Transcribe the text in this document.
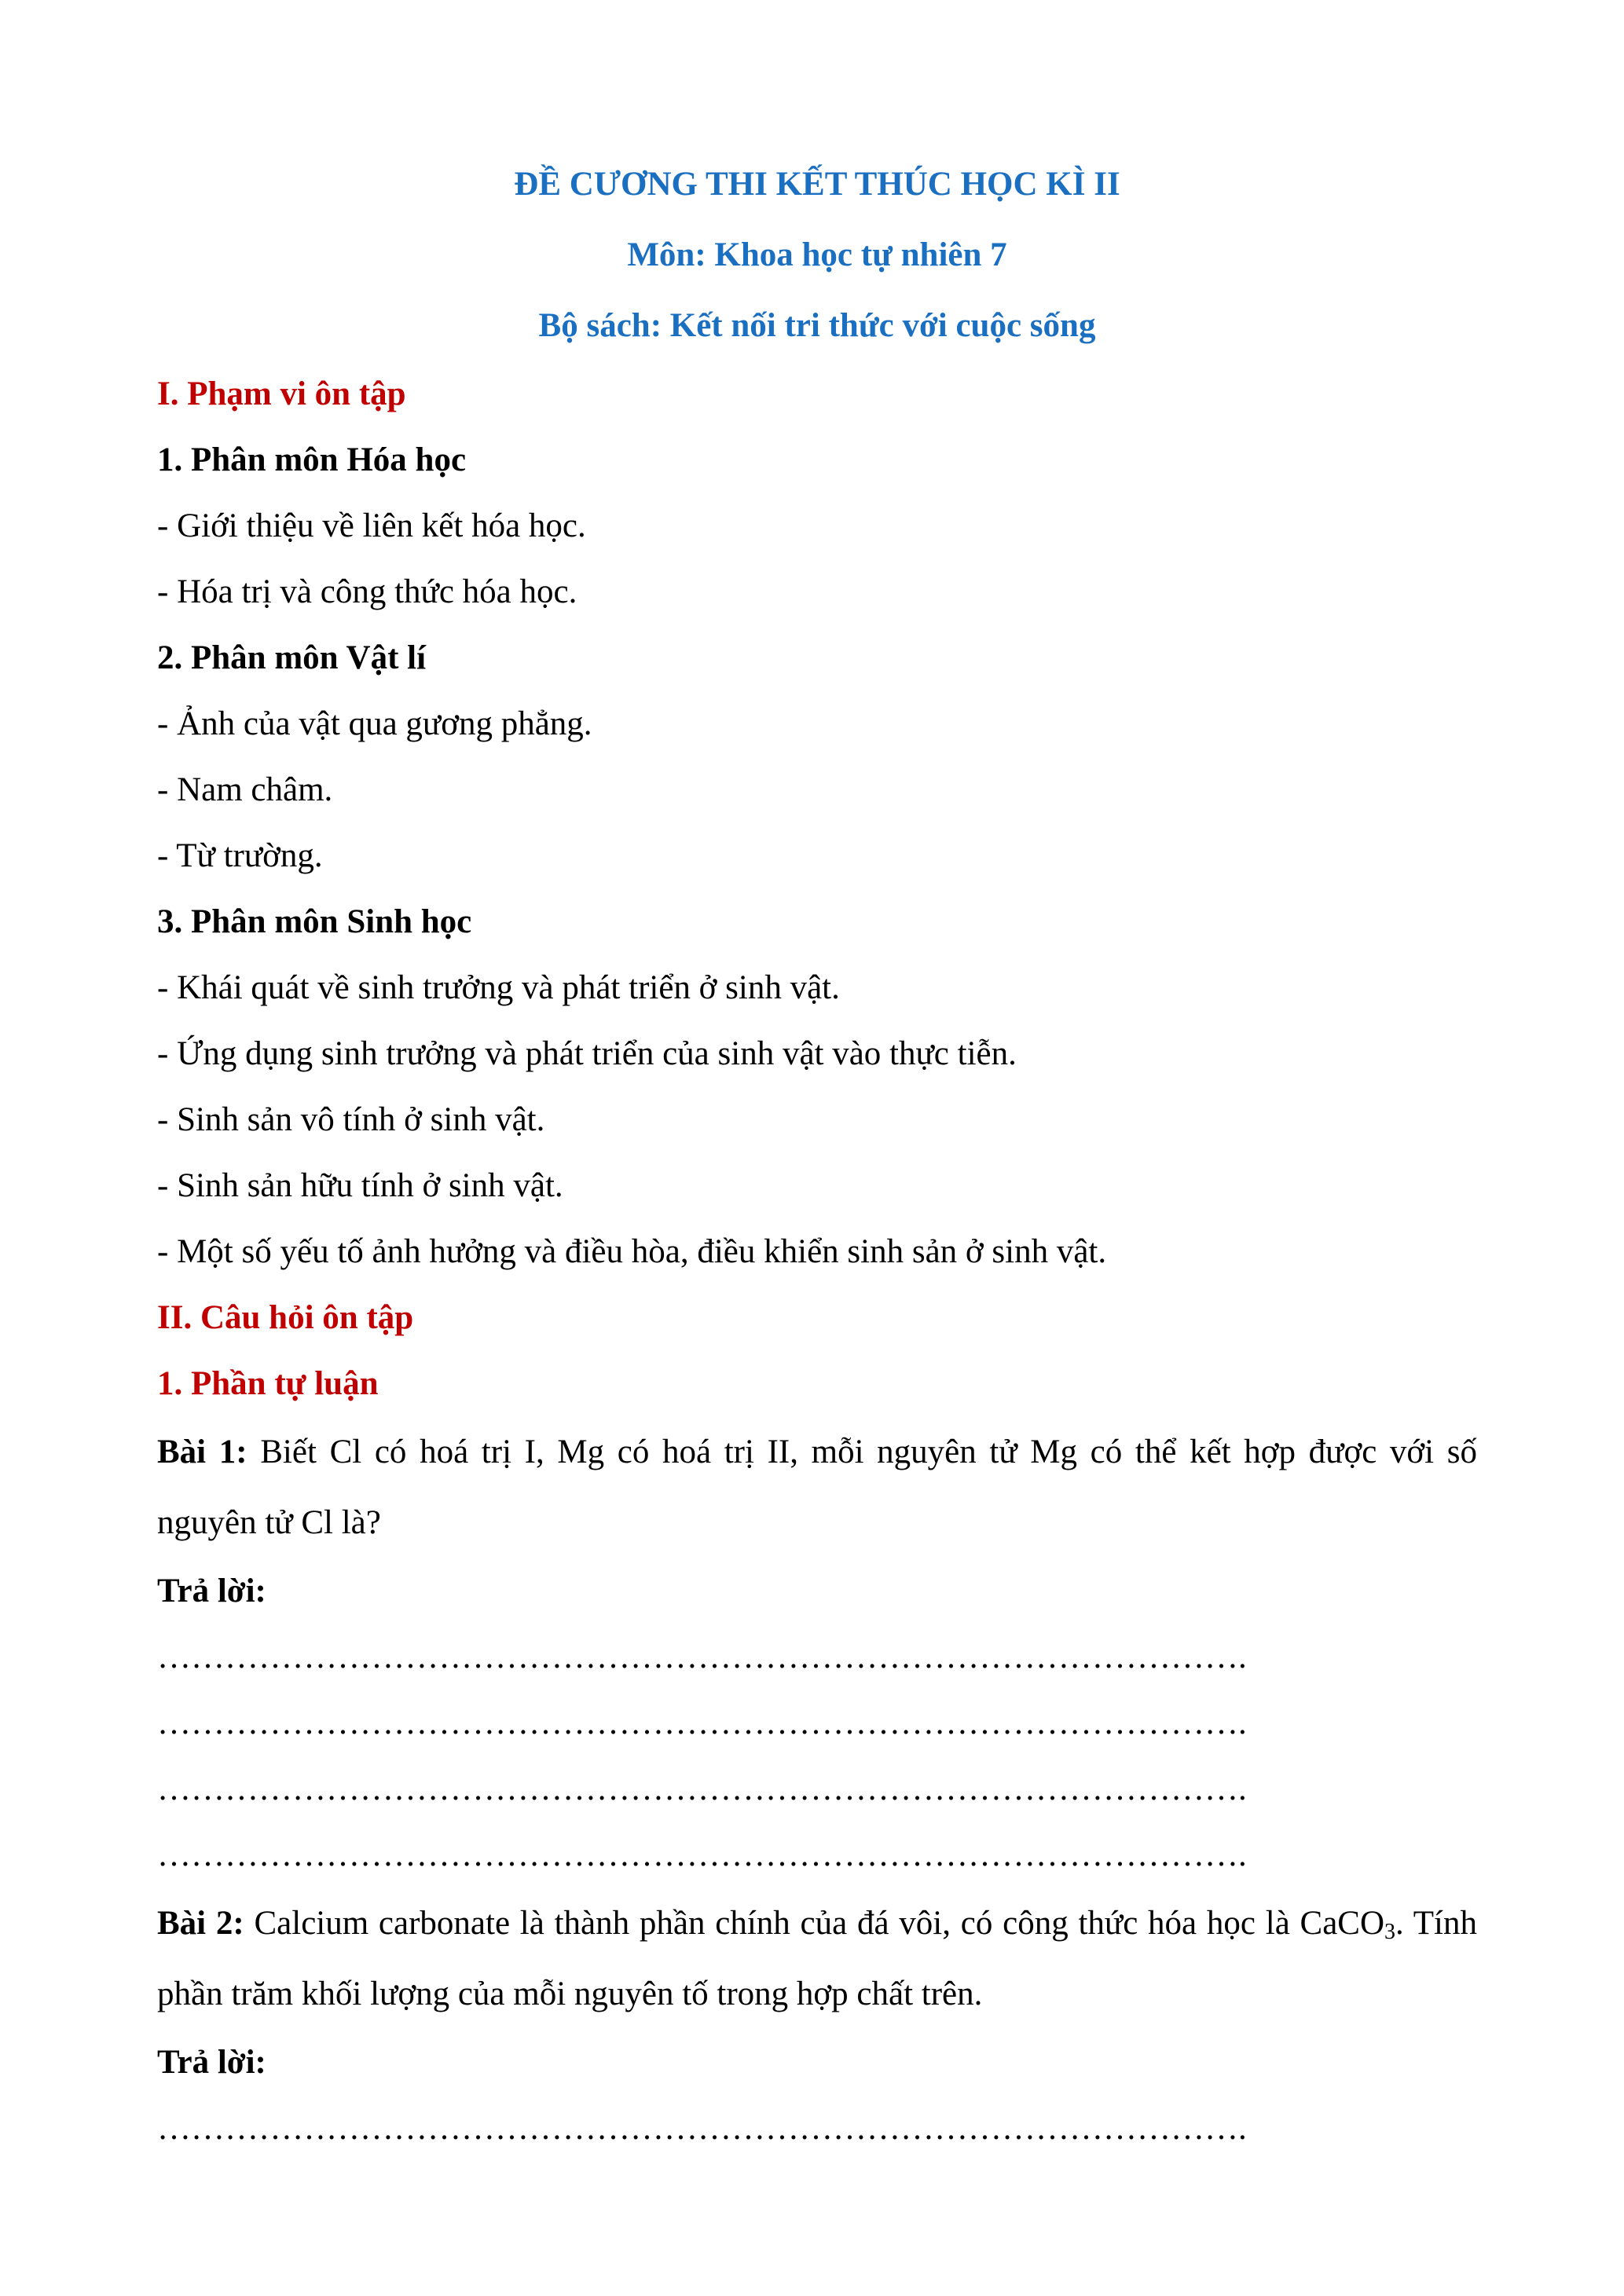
ĐỀ CƯƠNG THI KẾT THÚC HỌC KÌ II

Môn: Khoa học tự nhiên 7

Bộ sách: Kết nối tri thức với cuộc sống

I. Phạm vi ôn tập

1. Phân môn Hóa học

- Giới thiệu về liên kết hóa học.

- Hóa trị và công thức hóa học.

2. Phân môn Vật lí

- Ảnh của vật qua gương phẳng.

- Nam châm.

- Từ trường.

3. Phân môn Sinh học

- Khái quát về sinh trưởng và phát triển ở sinh vật.

- Ứng dụng sinh trưởng và phát triển của sinh vật vào thực tiễn.

- Sinh sản vô tính ở sinh vật.

- Sinh sản hữu tính ở sinh vật.

- Một số yếu tố ảnh hưởng và điều hòa, điều khiển sinh sản ở sinh vật.

II. Câu hỏi ôn tập

1. Phần tự luận

Bài 1: Biết Cl có hoá trị I, Mg có hoá trị II, mỗi nguyên tử Mg có thể kết hợp được với số nguyên tử Cl là?

Trả lời:

…………………………………………………………………………………….

…………………………………………………………………………………….

…………………………………………………………………………………….

…………………………………………………………………………………….

Bài 2: Calcium carbonate là thành phần chính của đá vôi, có công thức hóa học là CaCO$_3$. Tính phần trăm khối lượng của mỗi nguyên tố trong hợp chất trên.

Trả lời:

…………………………………………………………………………………….
